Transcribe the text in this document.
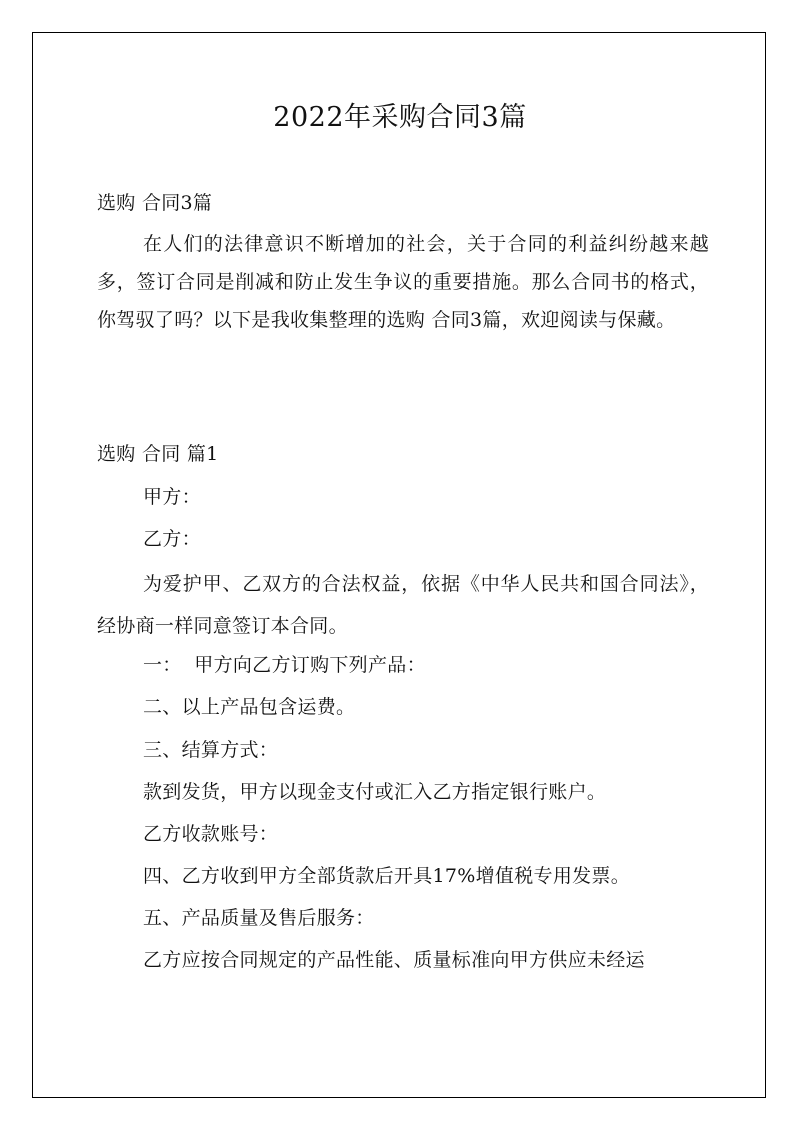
2022年采购合同3篇
选购 合同3篇
在人们的法律意识不断增加的社会，关于合同的利益纠纷越来越多，签订合同是削减和防止发生争议的重要措施。那么合同书的格式，你驾驭了吗？以下是我收集整理的选购 合同3篇，欢迎阅读与保藏。
选购 合同 篇1
甲方：
乙方：
为爱护甲、乙双方的合法权益，依据《中华人民共和国合同法》，经协商一样同意签订本合同。
一：  甲方向乙方订购下列产品：
二、以上产品包含运费。
三、结算方式：
款到发货，甲方以现金支付或汇入乙方指定银行账户。
乙方收款账号：
四、乙方收到甲方全部货款后开具17%增值税专用发票。
五、产品质量及售后服务：
乙方应按合同规定的产品性能、质量标准向甲方供应未经运
